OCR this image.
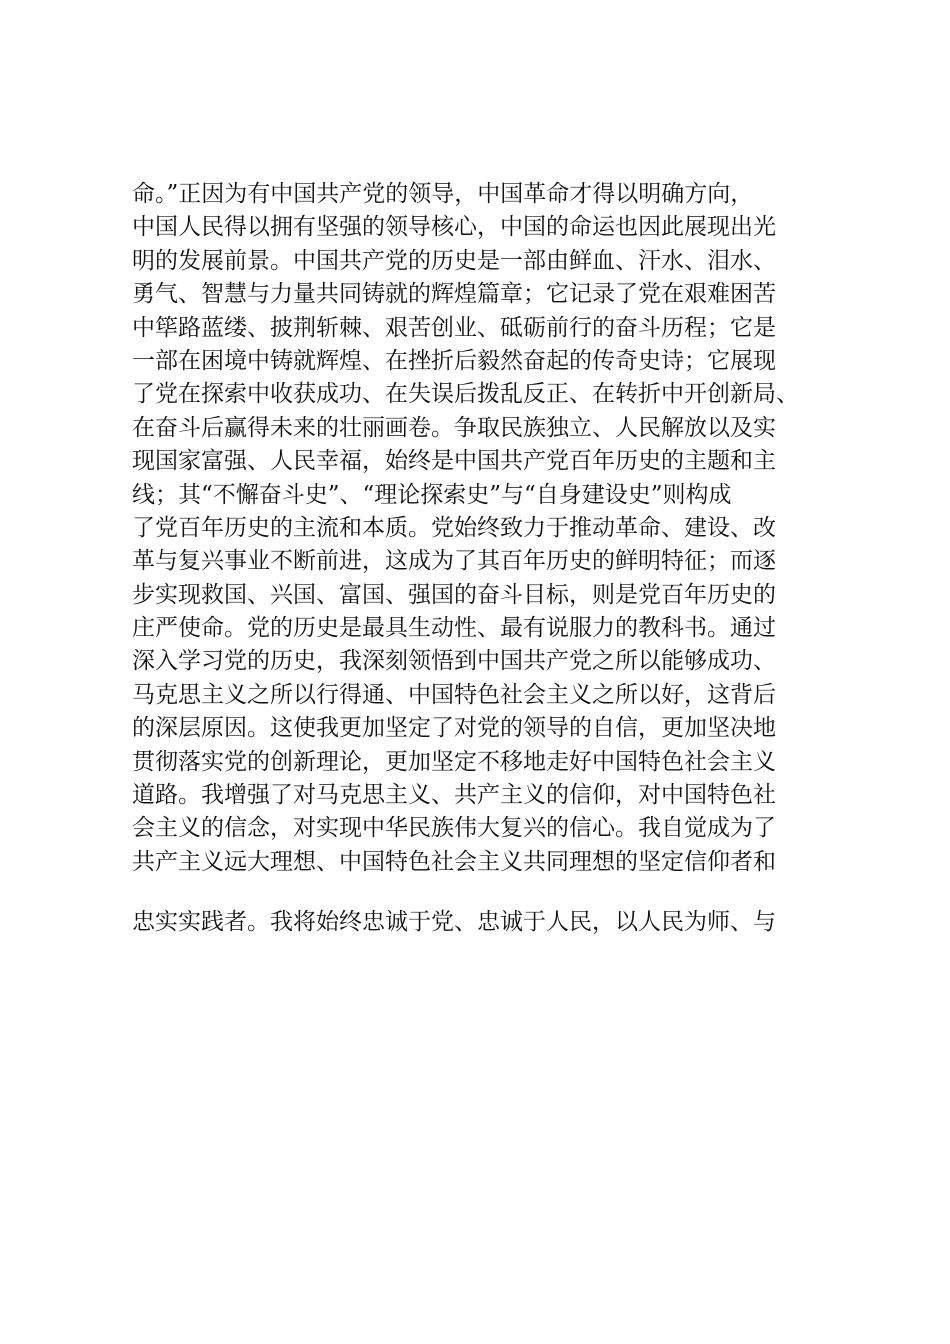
命。”正因为有中国共产党的领导，中国革命才得以明确方向，
中国人民得以拥有坚强的领导核心，中国的命运也因此展现出光
明的发展前景。中国共产党的历史是一部由鲜血、汗水、泪水、
勇气、智慧与力量共同铸就的辉煌篇章；它记录了党在艰难困苦
中筚路蓝缕、披荆斩棘、艰苦创业、砥砺前行的奋斗历程；它是
一部在困境中铸就辉煌、在挫折后毅然奋起的传奇史诗；它展现
了党在探索中收获成功、在失误后拨乱反正、在转折中开创新局、
在奋斗后赢得未来的壮丽画卷。争取民族独立、人民解放以及实
现国家富强、人民幸福，始终是中国共产党百年历史的主题和主
线；其“不懈奋斗史”、“理论探索史”与“自身建设史”则构成
了党百年历史的主流和本质。党始终致力于推动革命、建设、改
革与复兴事业不断前进，这成为了其百年历史的鲜明特征；而逐
步实现救国、兴国、富国、强国的奋斗目标，则是党百年历史的
庄严使命。党的历史是最具生动性、最有说服力的教科书。通过
深入学习党的历史，我深刻领悟到中国共产党之所以能够成功、
马克思主义之所以行得通、中国特色社会主义之所以好，这背后
的深层原因。这使我更加坚定了对党的领导的自信，更加坚决地
贯彻落实党的创新理论，更加坚定不移地走好中国特色社会主义
道路。我增强了对马克思主义、共产主义的信仰，对中国特色社
会主义的信念，对实现中华民族伟大复兴的信心。我自觉成为了
共产主义远大理想、中国特色社会主义共同理想的坚定信仰者和
忠实实践者。我将始终忠诚于党、忠诚于人民，以人民为师、与
